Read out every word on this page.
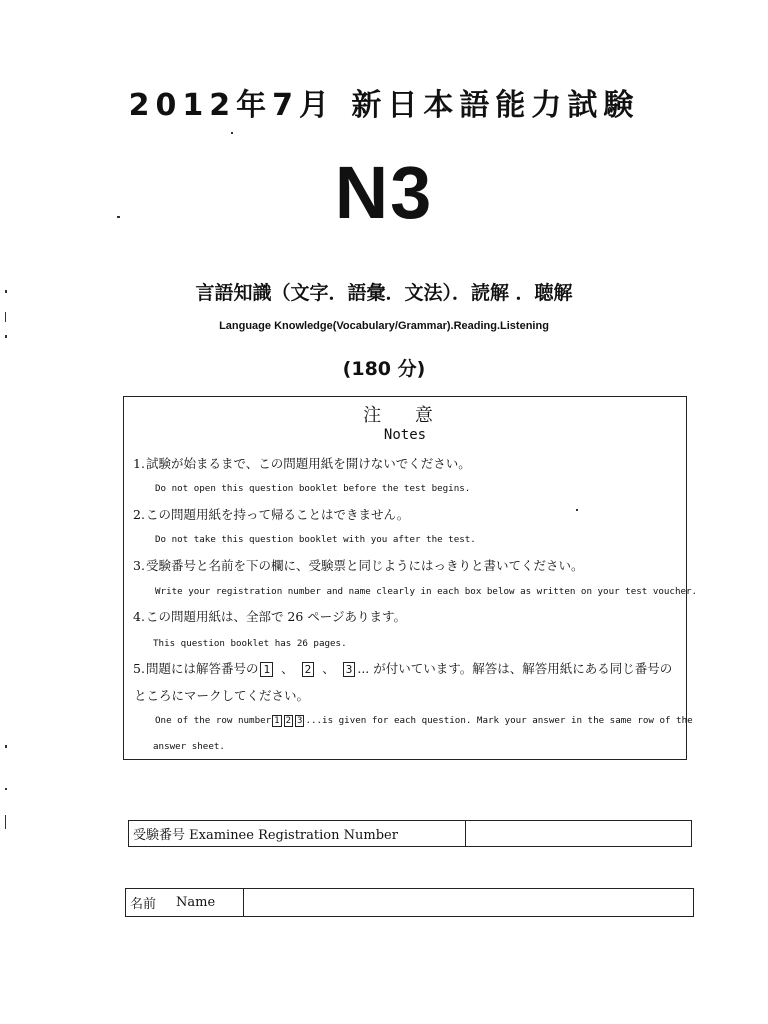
2012年7月 新日本語能力試験
N3
言語知識（文字．語彙．文法）．読解 ．聴解
Language Knowledge(Vocabulary/Grammar).Reading.Listening
(180 分)
注 意
Notes
1.試験が始まるまで、この問題用紙を開けないでください。
Do not open this question booklet before the test begins.
2.この問題用紙を持って帰ることはできません。
Do not take this question booklet with you after the test.
3.受験番号と名前を下の欄に、受験票と同じようにはっきりと書いてください。
Write your registration number and name clearly in each box below as written on your test voucher.
4.この問題用紙は、全部で 26 ページあります。
This question booklet has 26 pages.
5.問題には解答番号の 1 、 2 、 3 ... が付いています。解答は、解答用紙にある同じ番号の
ところにマークしてください。
One of the row number 1 2 3 ...is given for each question. Mark your answer in the same row of the
answer sheet.
受験番号 Examinee Registration Number
名前 Name
